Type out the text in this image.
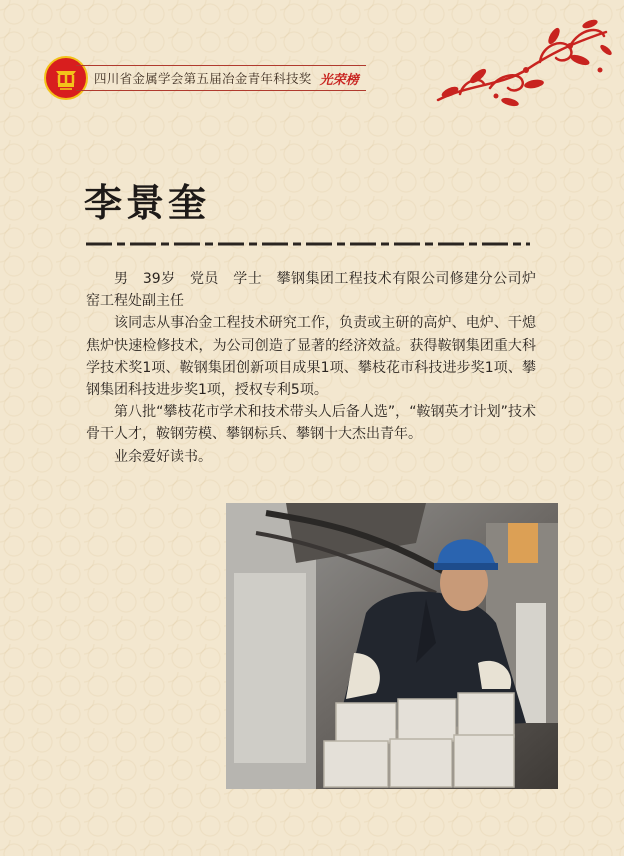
四川省金属学会第五届冶金青年科技奖 光荣榜
李景奎

男　39岁　党员　学士　攀钢集团工程技术有限公司修建分公司炉窑工程处副主任

该同志从事冶金工程技术研究工作，负责或主研的高炉、电炉、干熄焦炉快速检修技术，为公司创造了显著的经济效益。获得鞍钢集团重大科学技术奖1项、鞍钢集团创新项目成果1项、攀枝花市科技进步奖1项、攀钢集团科技进步奖1项，授权专利5项。

第八批“攀枝花市学术和技术带头人后备人选”，“鞍钢英才计划”技术骨干人才，鞍钢劳模、攀钢标兵、攀钢十大杰出青年。

业余爱好读书。
